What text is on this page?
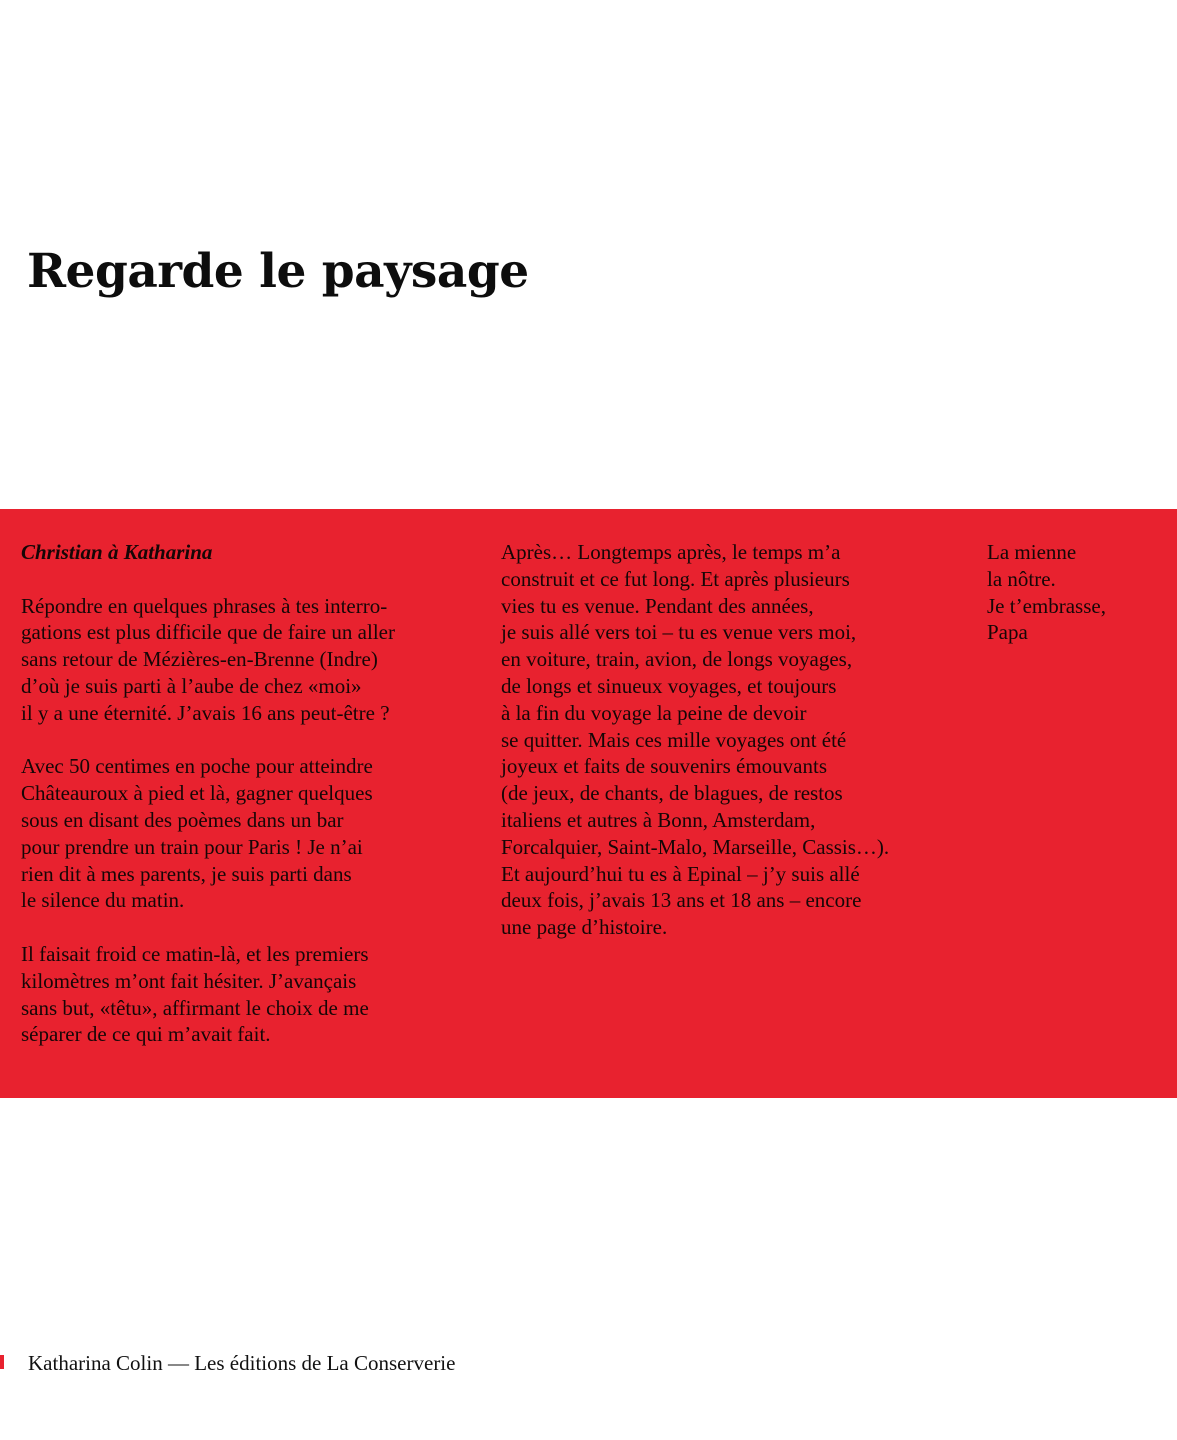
Regarde le paysage

Christian à Katharina

Répondre en quelques phrases à tes interro-
gations est plus difficile que de faire un aller
sans retour de Mézières-en-Brenne (Indre)
d’où je suis parti à l’aube de chez «moi»
il y a une éternité. J’avais 16 ans peut-être ?

Avec 50 centimes en poche pour atteindre
Châteauroux à pied et là, gagner quelques
sous en disant des poèmes dans un bar
pour prendre un train pour Paris ! Je n’ai
rien dit à mes parents, je suis parti dans
le silence du matin.

Il faisait froid ce matin-là, et les premiers
kilomètres m’ont fait hésiter. J’avançais
sans but, «têtu», affirmant le choix de me
séparer de ce qui m’avait fait.

Après… Longtemps après, le temps m’a
construit et ce fut long. Et après plusieurs
vies tu es venue. Pendant des années,
je suis allé vers toi – tu es venue vers moi,
en voiture, train, avion, de longs voyages,
de longs et sinueux voyages, et toujours
à la fin du voyage la peine de devoir
se quitter. Mais ces mille voyages ont été
joyeux et faits de souvenirs émouvants
(de jeux, de chants, de blagues, de restos
italiens et autres à Bonn, Amsterdam,
Forcalquier, Saint-Malo, Marseille, Cassis…).
Et aujourd’hui tu es à Epinal – j’y suis allé
deux fois, j’avais 13 ans et 18 ans – encore
une page d’histoire.

La mienne
la nôtre.
Je t’embrasse,
Papa

Katharina Colin — Les éditions de La Conserverie
